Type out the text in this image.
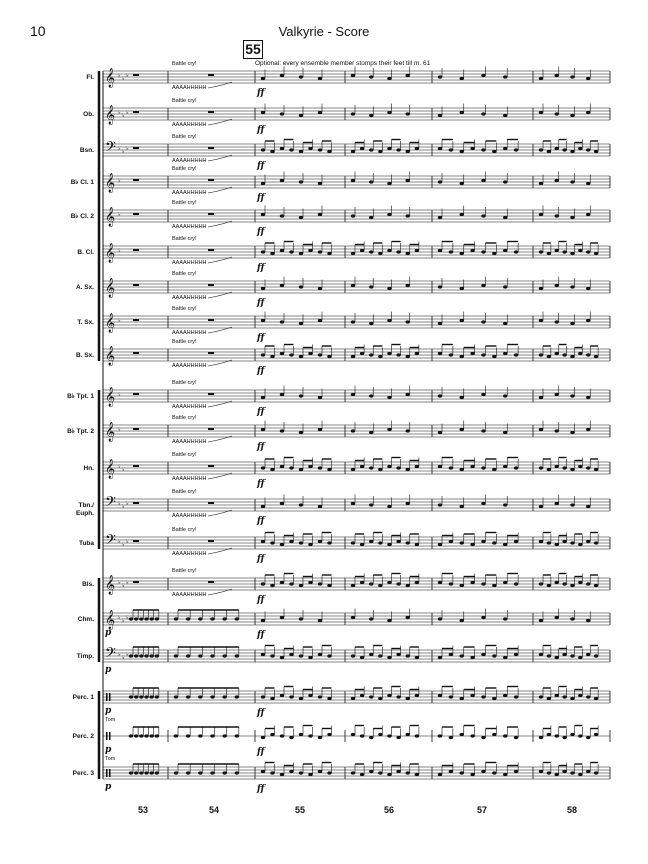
10	Valkyrie - Score
55
Optional: every ensemble member stomps their feet till m. 61
Fl. 𝄞 ♭ ♭ ♭
Battle cry!
AAAAHHHHH	ff
Ob. 𝄞 ♭ ♭ ♭
Battle cry!
AAAAHHHHH	ff
Bsn. 𝄢 ♭ ♭ ♭
Battle cry!
AAAAHHHHH	ff
B♭ Cl. 1 𝄞 ♭
Battle cry!
AAAAHHHHH	ff
B♭ Cl. 2 𝄞 ♭
Battle cry!
AAAAHHHHH	ff
B. Cl. 𝄞 ♭
Battle cry!
AAAAHHHHH	ff
A. Sx. 𝄞
Battle cry!
AAAAHHHHH	ff
T. Sx. 𝄞 ♭
Battle cry!
AAAAHHHHH	ff
B. Sx. 𝄞
Battle cry!
AAAAHHHHH	ff
B♭ Tpt. 1 𝄞 ♭
Battle cry!
AAAAHHHHH	ff
B♭ Tpt. 2 𝄞 ♭
Battle cry!
AAAAHHHHH	ff
Hn. 𝄞 ♭ ♭
Battle cry!
AAAAHHHHH	ff
Tbn./
Euph. 𝄢 ♭ ♭ ♭
Battle cry!
AAAAHHHHH	ff
Tuba 𝄢 ♭ ♭ ♭
Battle cry!
AAAAHHHHH	ff
Bls. 𝄞 ♭ ♭ ♭
Battle cry!
AAAAHHHHH	ff
Chm. 𝄞 ♭ ♭ ♭
ff
p
Timp. 𝄢 ♭ ♭ ♭
p
Perc. 1
ff
p
Tom
Perc. 2
ff
p
Tom
Perc. 3
ff
p
53	54	55	56	57	58
